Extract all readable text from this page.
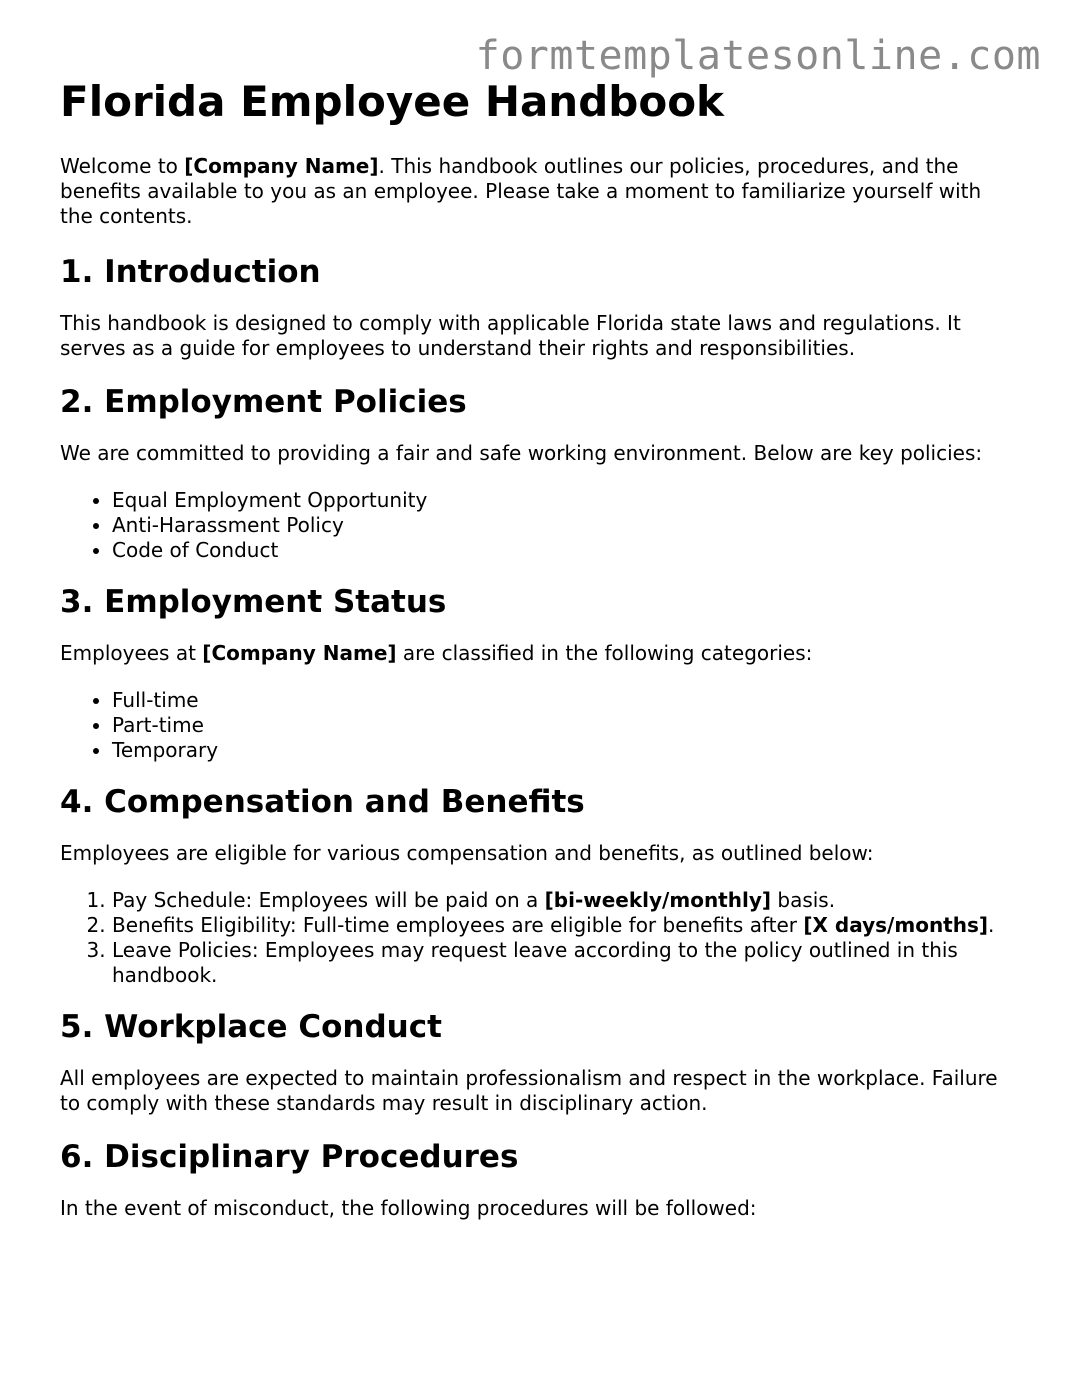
formtemplatesonline.com
Florida Employee Handbook

Welcome to [Company Name]. This handbook outlines our policies, procedures, and the benefits available to you as an employee. Please take a moment to familiarize yourself with the contents.

1. Introduction

This handbook is designed to comply with applicable Florida state laws and regulations. It serves as a guide for employees to understand their rights and responsibilities.

2. Employment Policies

We are committed to providing a fair and safe working environment. Below are key policies:

• Equal Employment Opportunity
• Anti-Harassment Policy
• Code of Conduct
3. Employment Status

Employees at [Company Name] are classified in the following categories:

• Full-time
• Part-time
• Temporary
4. Compensation and Benefits

Employees are eligible for various compensation and benefits, as outlined below:

1. Pay Schedule: Employees will be paid on a [bi-weekly/monthly] basis.
2. Benefits Eligibility: Full-time employees are eligible for benefits after [X days/months].
3. Leave Policies: Employees may request leave according to the policy outlined in this handbook.
5. Workplace Conduct

All employees are expected to maintain professionalism and respect in the workplace. Failure to comply with these standards may result in disciplinary action.

6. Disciplinary Procedures

In the event of misconduct, the following procedures will be followed:
